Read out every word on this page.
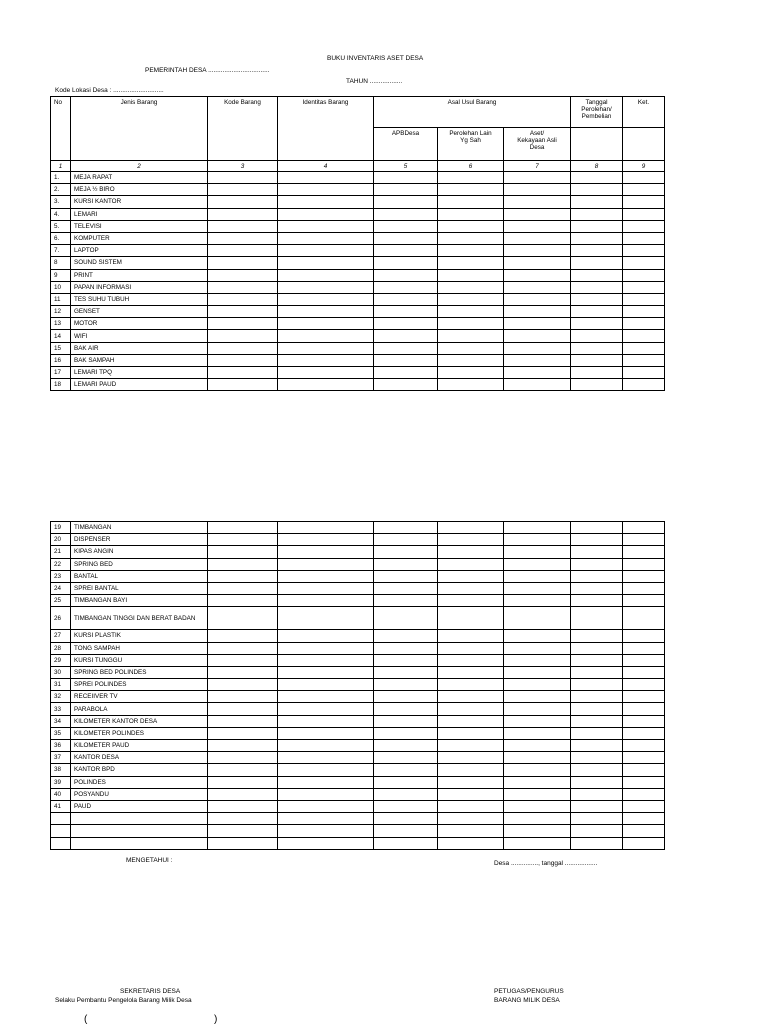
BUKU INVENTARIS ASET DESA
PEMERINTAH DESA ..................................
TAHUN ..................
Kode Lokasi Desa : ............................
No	Jenis Barang	Kode Barang	Identitas Barang	Asal Usul Barang			Tanggal Perolehan/ Pembelian	Ket.
				APBDesa	Perolehan Lain Yg Sah	Aset/ Kekayaan Asli Desa		
1	2	3	4	5	6	7	8	9
1.	MEJA RAPAT							
2.	MEJA ½ BIRO							
3.	KURSI KANTOR							
4.	LEMARI							
5.	TELEVISI							
6.	KOMPUTER							
7.	LAPTOP							
8	SOUND SISTEM							
9	PRINT							
10	PAPAN INFORMASI							
11	TES SUHU TUBUH							
12	GENSET							
13	MOTOR							
14	WIFI							
15	BAK AIR							
16	BAK SAMPAH							
17	LEMARI TPQ							
18	LEMARI PAUD							
19	TIMBANGAN							
20	DISPENSER							
21	KIPAS ANGIN							
22	SPRING BED							
23	BANTAL							
24	SPREI BANTAL							
25	TIMBANGAN BAYI							
26	TIMBANGAN TINGGI DAN BERAT BADAN							
27	KURSI PLASTIK							
28	TONG SAMPAH							
29	KURSI TUNGGU							
30	SPRING BED POLINDES							
31	SPREI POLINDES							
32	RECEIIVER TV							
33	PARABOLA							
34	KILOMETER KANTOR DESA							
35	KILOMETER POLINDES							
36	KILOMETER PAUD							
37	KANTOR DESA							
38	KANTOR BPD							
39	POLINDES							
40	POSYANDU							
41	PAUD							

MENGETAHUI :	Desa ..............., tanggal ..................
SEKRETARIS DESA
Selaku Pembantu Pengelola Barang Milik Desa
PETUGAS/PENGURUS
BARANG MILIK DESA
(	)
